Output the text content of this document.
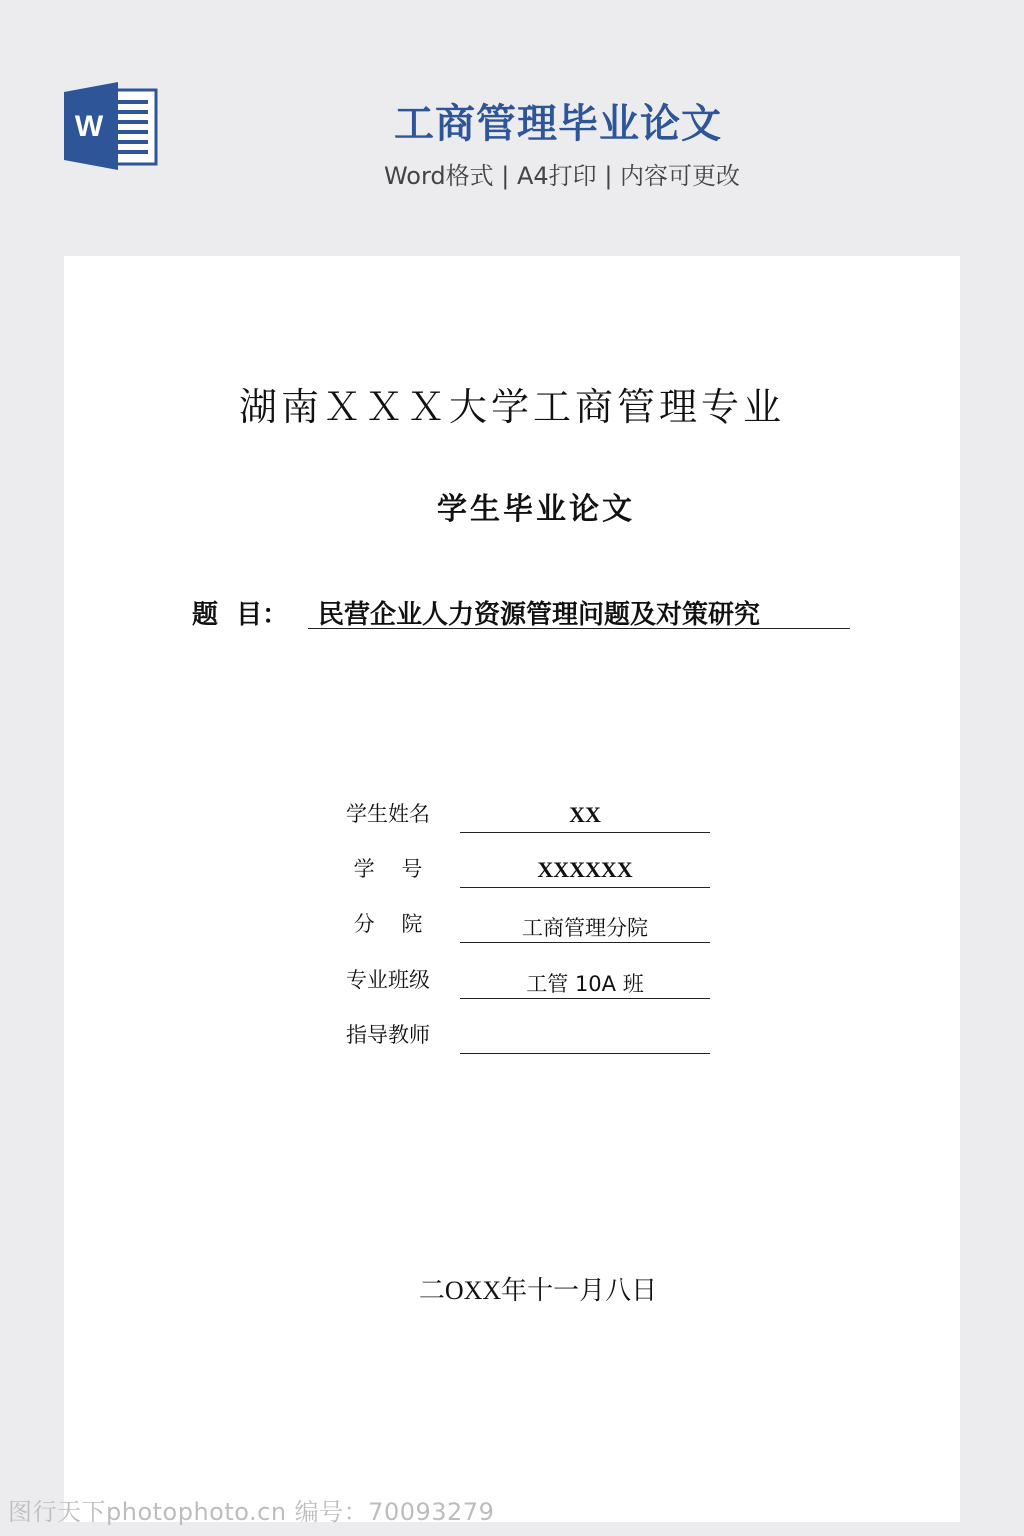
W	工商管理毕业论文
Word格式 | A4打印 | 内容可更改
湖南ＸＸＸ大学工商管理专业
学生毕业论文
题  目： 民营企业人力资源管理问题及对策研究
学生姓名	XX
学    号	XXXXXX
分    院	工商管理分院
专业班级	工管 10A 班
指导教师
二OXX年十一月八日
图行天下photophoto.cn 编号：70093279
